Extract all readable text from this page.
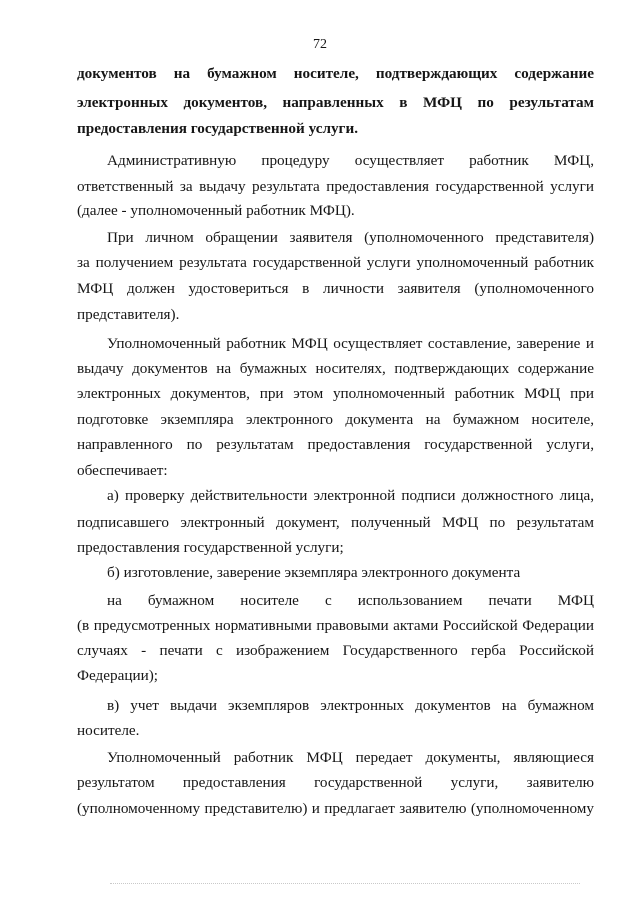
72
документов на бумажном носителе, подтверждающих содержание
электронных документов, направленных в МФЦ по результатам
предоставления государственной услуги.
Административную процедуру осуществляет работник МФЦ,
ответственный за выдачу результата предоставления государственной услуги
(далее - уполномоченный работник МФЦ).
При личном обращении заявителя (уполномоченного представителя)
за получением результата государственной услуги уполномоченный работник
МФЦ должен удостовериться в личности заявителя (уполномоченного
представителя).
Уполномоченный работник МФЦ осуществляет составление, заверение и
выдачу документов на бумажных носителях, подтверждающих содержание
электронных документов, при этом уполномоченный работник МФЦ при
подготовке экземпляра электронного документа на бумажном носителе,
направленного по результатам предоставления государственной услуги,
обеспечивает:
а) проверку действительности электронной подписи должностного лица,
подписавшего электронный документ, полученный МФЦ по результатам
предоставления государственной услуги;
б) изготовление, заверение экземпляра электронного документа
на бумажном носителе с использованием печати МФЦ
(в предусмотренных нормативными правовыми актами Российской Федерации
случаях - печати с изображением Государственного герба Российской
Федерации);
в) учет выдачи экземпляров электронных документов на бумажном
носителе.
Уполномоченный работник МФЦ передает документы, являющиеся
результатом предоставления государственной услуги, заявителю
(уполномоченному представителю) и предлагает заявителю (уполномоченному
